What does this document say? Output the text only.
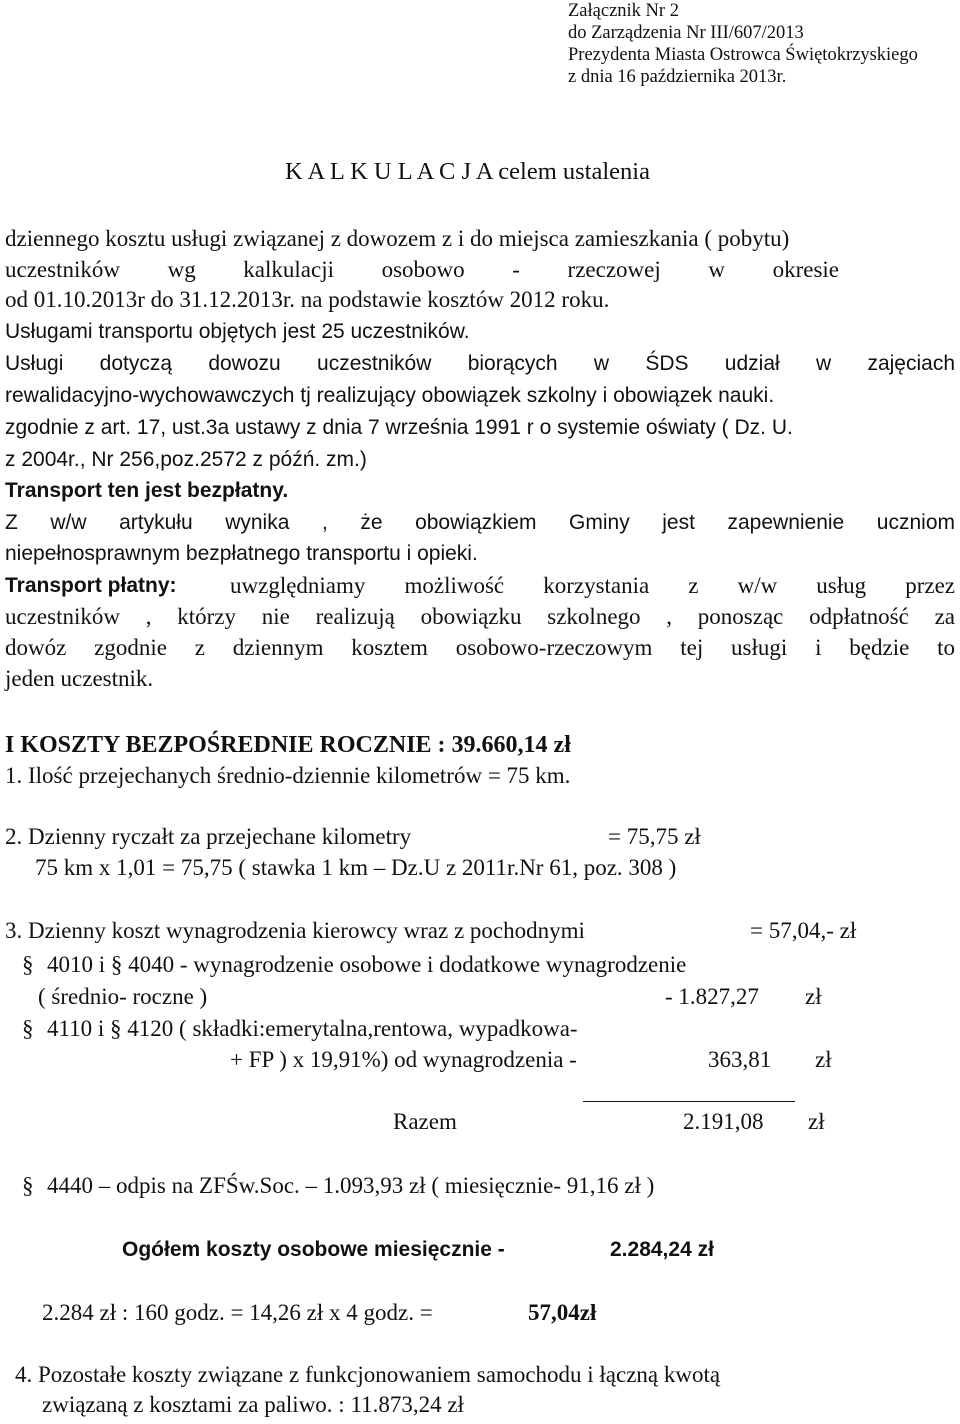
Załącznik Nr 2
do Zarządzenia Nr III/607/2013
Prezydenta Miasta Ostrowca Świętokrzyskiego
z dnia 16 października 2013r.
K A L K U L A C J A celem ustalenia
dziennego kosztu usługi związanej z dowozem z i do miejsca zamieszkania ( pobytu)
uczestników wg kalkulacji osobowo - rzeczowej w okresie
od 01.10.2013r do 31.12.2013r. na podstawie kosztów 2012 roku.
Usługami transportu objętych jest 25 uczestników.
Usługi dotyczą dowozu uczestników biorących w ŚDS udział w zajęciach
rewalidacyjno-wychowawczych tj realizujący obowiązek szkolny i obowiązek nauki.
zgodnie z art. 17, ust.3a ustawy z dnia 7 września 1991 r o systemie oświaty ( Dz. U.
z 2004r., Nr 256,poz.2572 z późń. zm.)
Transport ten jest bezpłatny.
Z w/w artykułu wynika , że obowiązkiem Gminy jest zapewnienie uczniom
niepełnosprawnym bezpłatnego transportu i opieki.
Transport płatny: uwzględniamy możliwość korzystania z w/w usług przez
uczestników , którzy nie realizują obowiązku szkolnego , ponosząc odpłatność za
dowóz zgodnie z dziennym kosztem osobowo-rzeczowym tej usługi i będzie to
jeden uczestnik.
I KOSZTY BEZPOŚREDNIE ROCZNIE : 39.660,14 zł
1. Ilość przejechanych średnio-dziennie kilometrów = 75 km.
2. Dzienny ryczałt za przejechane kilometry	= 75,75 zł
75 km x 1,01 = 75,75 ( stawka 1 km – Dz.U z 2011r.Nr 61, poz. 308 )
3. Dzienny koszt wynagrodzenia kierowcy wraz z pochodnymi	= 57,04,- zł
§ 4010 i § 4040 - wynagrodzenie osobowe i dodatkowe wynagrodzenie
( średnio- roczne )	- 1.827,27 zł
§ 4110 i § 4120 ( składki:emerytalna,rentowa, wypadkowa-
+ FP ) x 19,91%) od wynagrodzenia -	363,81 zł
Razem	2.191,08 zł
§ 4440 – odpis na ZFŚw.Soc. – 1.093,93 zł ( miesięcznie- 91,16 zł )
Ogółem koszty osobowe miesięcznie -	2.284,24 zł
2.284 zł : 160 godz. = 14,26 zł x 4 godz. =	57,04zł
4. Pozostałe koszty związane z funkcjonowaniem samochodu i łączną kwotą
związaną z kosztami za paliwo. : 11.873,24 zł
